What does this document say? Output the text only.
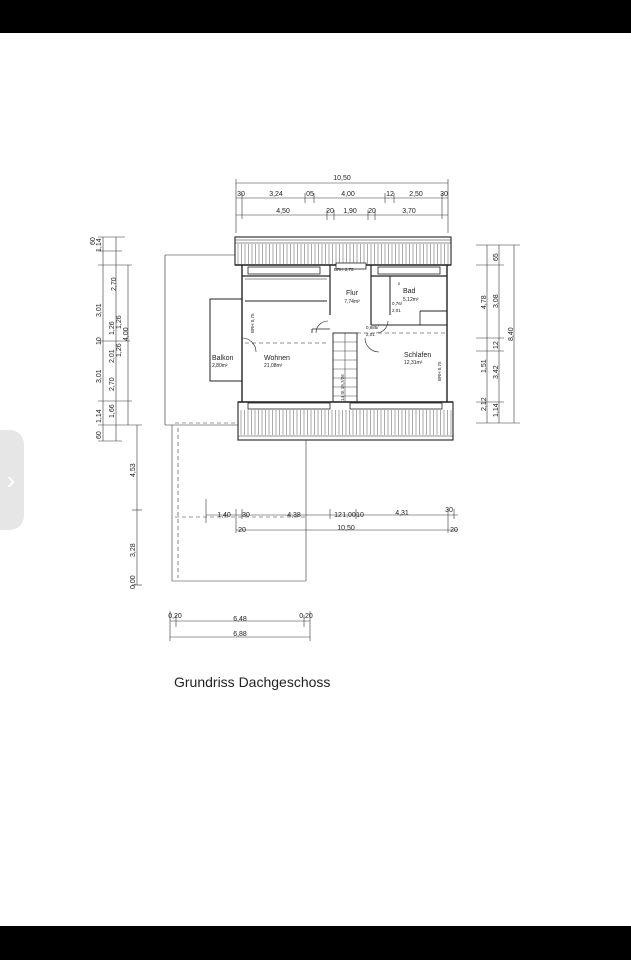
10,50
30	3,24	05	4,00	12 2,50 30
4,50	20 1,90 20	3,70
Flur
7,74m²
Bad
5,12m²
Wohnen
21,08m²
Schlafen
12,31m²
Balkon
2,80m²
BRH 0,75
BRH 0,75
BRH 0,75
0,76/
2,01
0,885/
2,01
14 St 19,7/26
x
1,14
60
2,70
3,01
10
3,01
1,14
60
1,26
2,01
2,70
1,66
1,26
1,26
4,00
4,53
3,28
0,00
65
3,08
12
3,42
1,14
4,78
1,51
2,12
8,40
1,40 30	4,38	12 1,00 10	4,31	30
20	10,50	20
0,20	6,48	0,20
6,88
Grundriss Dachgeschoss
›
